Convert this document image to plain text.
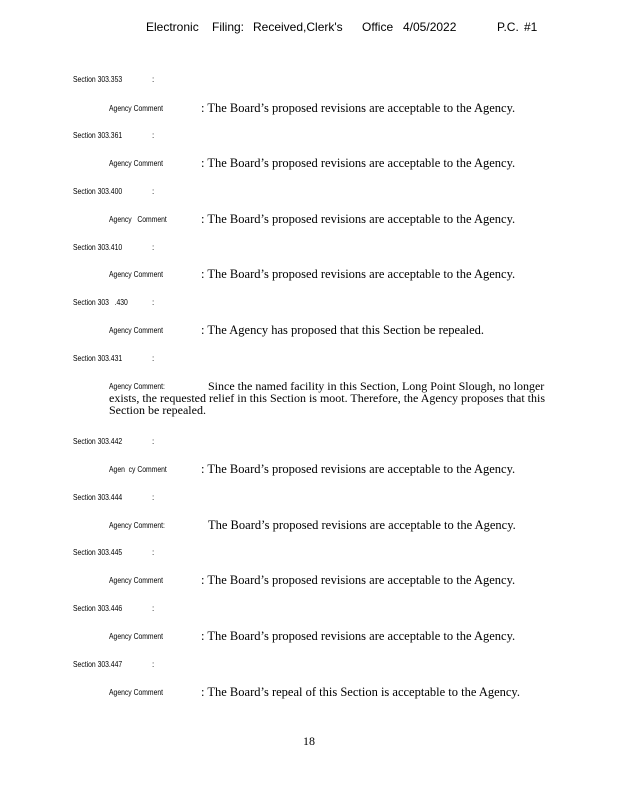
Electronic Filing: Received,Clerk's Office 4/05/2022	P.C. #1
Section 303.353	:
Agency Comment	: The Board’s proposed revisions are acceptable to the Agency.
Section 303.361	:
Agency Comment	: The Board’s proposed revisions are acceptable to the Agency.
Section 303.400	:
Agency   Comment	: The Board’s proposed revisions are acceptable to the Agency.
Section 303.410	:
Agency Comment	: The Board’s proposed revisions are acceptable to the Agency.
Section 303   .430	:
Agency Comment	: The Agency has proposed that this Section be repealed.
Section 303.431	:
Agency Comment:	Since the named facility in this Section, Long Point Slough, no longer exists, the requested relief in this Section is moot. Therefore, the Agency proposes that this Section be repealed.
Section 303.442	:
Agen  cy Comment	: The Board’s proposed revisions are acceptable to the Agency.
Section 303.444	:
Agency Comment:	The Board’s proposed revisions are acceptable to the Agency.
Section 303.445	:
Agency Comment	: The Board’s proposed revisions are acceptable to the Agency.
Section 303.446	:
Agency Comment	: The Board’s proposed revisions are acceptable to the Agency.
Section 303.447	:
Agency Comment	: The Board’s repeal of this Section is acceptable to the Agency.
18
